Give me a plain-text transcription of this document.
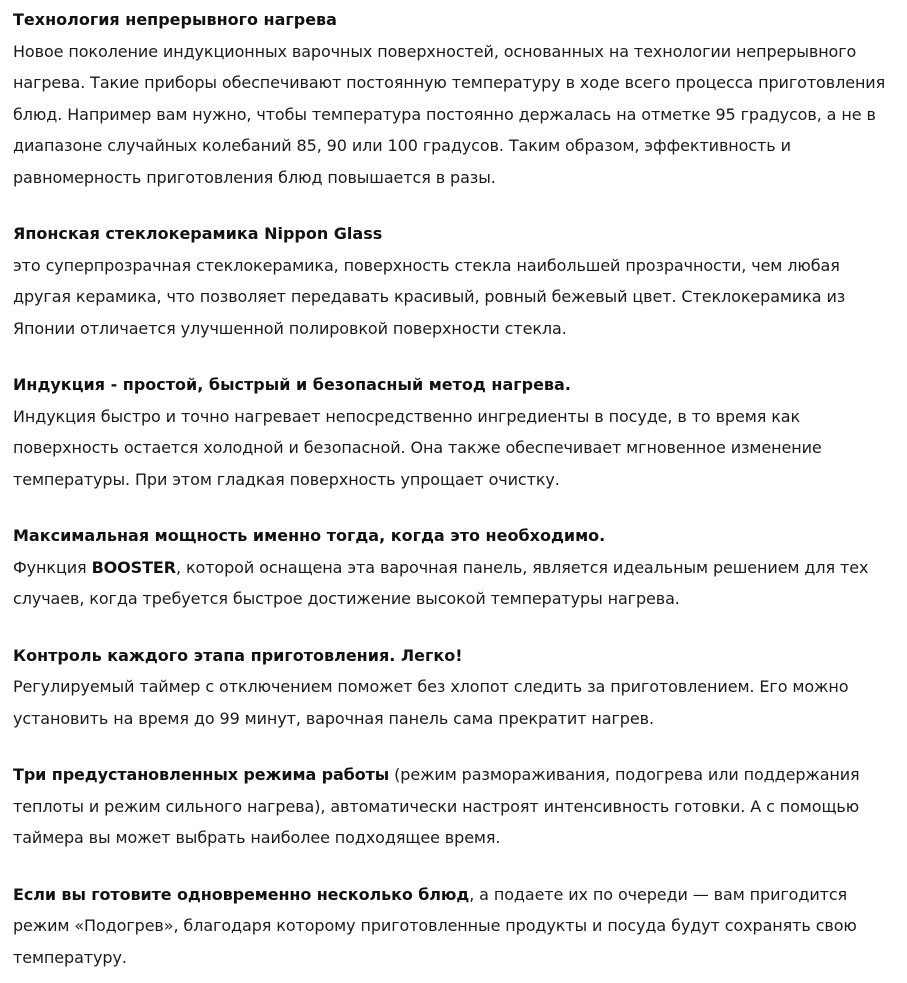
Технология непрерывного нагрева

Новое поколение индукционных варочных поверхностей, основанных на технологии непрерывного нагрева. Такие приборы обеспечивают постоянную температуру в ходе всего процесса приготовления блюд. Например вам нужно, чтобы температура постоянно держалась на отметке 95 градусов, а не в диапазоне случайных колебаний 85, 90 или 100 градусов. Таким образом, эффективность и равномерность приготовления блюд повышается в разы.

Японская стеклокерамика Nippon Glass

это суперпрозрачная стеклокерамика, поверхность стекла наибольшей прозрачности, чем любая другая керамика, что позволяет передавать красивый, ровный бежевый цвет. Стеклокерамика из Японии отличается улучшенной полировкой поверхности стекла.

Индукция - простой, быстрый и безопасный метод нагрева.

Индукция быстро и точно нагревает непосредственно ингредиенты в посуде, в то время как поверхность остается холодной и безопасной. Она также обеспечивает мгновенное изменение температуры. При этом гладкая поверхность упрощает очистку.

Максимальная мощность именно тогда, когда это необходимо.

Функция BOOSTER, которой оснащена эта варочная панель, является идеальным решением для тех случаев, когда требуется быстрое достижение высокой температуры нагрева.

Контроль каждого этапа приготовления. Легко!

Регулируемый таймер с отключением поможет без хлопот следить за приготовлением. Его можно установить на время до 99 минут, варочная панель сама прекратит нагрев.

Три предустановленных режима работы (режим размораживания, подогрева или поддержания теплоты и режим сильного нагрева), автоматически настроят интенсивность готовки. А с помощью таймера вы может выбрать наиболее подходящее время.

Если вы готовите одновременно несколько блюд, а подаете их по очереди — вам пригодится режим «Подогрев», благодаря которому приготовленные продукты и посуда будут сохранять свою температуру.
